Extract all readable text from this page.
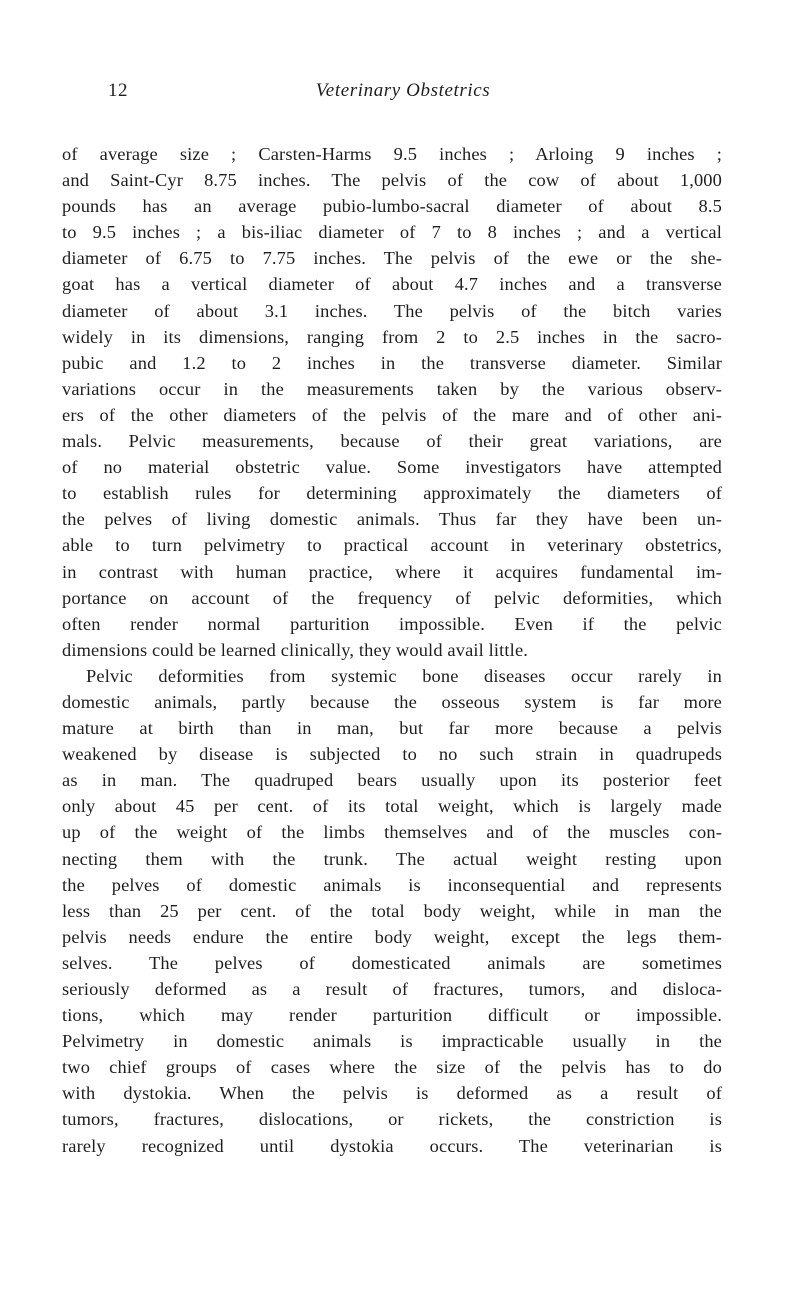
12	Veterinary Obstetrics
of average size ; Carsten-Harms 9.5 inches ; Arloing 9 inches ;
and Saint-Cyr 8.75 inches. The pelvis of the cow of about 1,000
pounds has an average pubio-lumbo-sacral diameter of about 8.5
to 9.5 inches ; a bis-iliac diameter of 7 to 8 inches ; and a vertical
diameter of 6.75 to 7.75 inches. The pelvis of the ewe or the she-
goat has a vertical diameter of about 4.7 inches and a transverse
diameter of about 3.1 inches. The pelvis of the bitch varies
widely in its dimensions, ranging from 2 to 2.5 inches in the sacro-
pubic and 1.2 to 2 inches in the transverse diameter. Similar
variations occur in the measurements taken by the various observ-
ers of the other diameters of the pelvis of the mare and of other ani-
mals. Pelvic measurements, because of their great variations, are
of no material obstetric value. Some investigators have attempted
to establish rules for determining approximately the diameters of
the pelves of living domestic animals. Thus far they have been un-
able to turn pelvimetry to practical account in veterinary obstetrics,
in contrast with human practice, where it acquires fundamental im-
portance on account of the frequency of pelvic deformities, which
often render normal parturition impossible. Even if the pelvic
dimensions could be learned clinically, they would avail little.
Pelvic deformities from systemic bone diseases occur rarely in
domestic animals, partly because the osseous system is far more
mature at birth than in man, but far more because a pelvis
weakened by disease is subjected to no such strain in quadrupeds
as in man. The quadruped bears usually upon its posterior feet
only about 45 per cent. of its total weight, which is largely made
up of the weight of the limbs themselves and of the muscles con-
necting them with the trunk. The actual weight resting upon
the pelves of domestic animals is inconsequential and represents
less than 25 per cent. of the total body weight, while in man the
pelvis needs endure the entire body weight, except the legs them-
selves. The pelves of domesticated animals are sometimes
seriously deformed as a result of fractures, tumors, and disloca-
tions, which may render parturition difficult or impossible.
Pelvimetry in domestic animals is impracticable usually in the
two chief groups of cases where the size of the pelvis has to do
with dystokia. When the pelvis is deformed as a result of
tumors, fractures, dislocations, or rickets, the constriction is
rarely recognized until dystokia occurs. The veterinarian is
